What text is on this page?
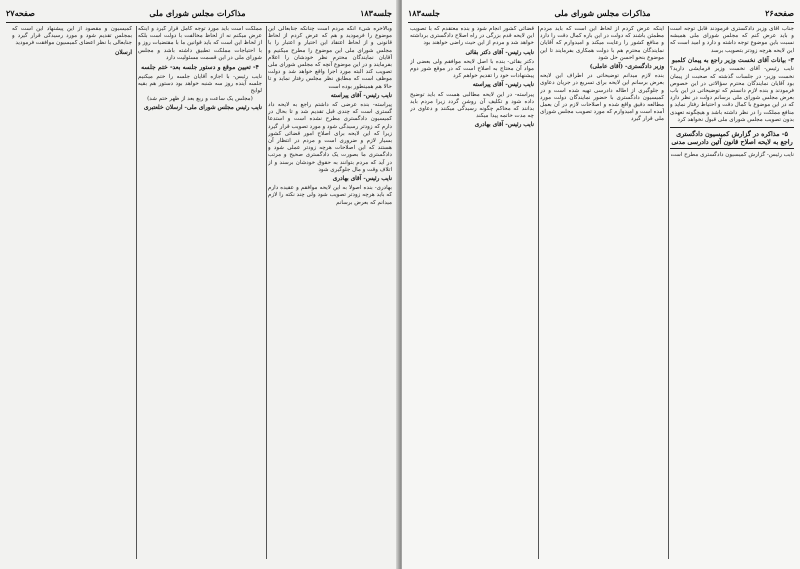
جلسه۱۸۳
مذاکرات مجلس شورای ملی
صفحه۲۷

وبالاخره شیء آنکه مردم است چنانکه جنابعالی این موضوع را فرمودید و هم که عرض کردم از لحاظ قانونی و از لحاظ اعتقاد این اختیار و اعتبار را با مجلس شورای ملی این موضوع را مطرح میکنیم و آقایان نمایندگان محترم نظر خودشان را اعلام بفرمایند و در این موضوع آنچه که مجلس شورای ملی تصویب کند البته مورد اجرا واقع خواهد شد و دولت موظف است که مطابق نظر مجلس رفتار نماید و تا حالا هم همینطور بوده است

نایب رئیس- آقای پیراسته

پیراسته- بنده عرضی که داشتم راجع به لایحه داد گستری است که چندی قبل تقدیم شد و تا بحال در کمیسیون دادگستری مطرح نشده است و استدعا دارم که زودتر رسیدگی شود و مورد تصویب قرار گیرد زیرا که این لایحه برای اصلاح امور قضائی کشور بسیار لازم و ضروری است و مردم در انتظار آن هستند که این اصلاحات هرچه زودتر عملی شود و دادگستری ما بصورت یک دادگستری صحیح و مرتب در آید که مردم بتوانند به حقوق خودشان برسند و از اتلاف وقت و مال جلوگیری شود

نایب رئیس- آقای بهادری

بهادری- بنده اصولا به این لایحه موافقم و عقیده دارم که باید هرچه زودتر تصویب شود ولی چند نکته را لازم میدانم که بعرض برسانم

مملکت است باید مورد توجه کامل قرار گیرد و اینکه عرض میکنم نه از لحاظ مخالفت با دولت است بلکه از لحاظ این است که باید قوانین ما با مقتضیات روز و با احتیاجات مملکت تطبیق داشته باشد و مجلس شورای ملی در این قسمت مسئولیت دارد

۴- تعیین موقع و دستور جلسه بعد- ختم جلسه

نایب رئیس- با اجازه آقایان جلسه را ختم میکنیم جلسه آینده روز سه شنبه خواهد بود دستور هم بقیه لوایح

(مجلس یک ساعت و ربع بعد از ظهر ختم شد)

نایب رئیس مجلس شورای ملی- ارسلان خلعتبری

کمیسیون و مقصود از این پیشنهاد این است که بمجلس تقدیم شود و مورد رسیدگی قرار گیرد و جنابعالی با نظر اعضای کمیسیون موافقت فرمودید

ارسلان

صفحه۲۶
مذاکرات مجلس شورای ملی
جلسه۱۸۳

جناب آقای وزیر دادگستری فرمودند قابل توجه است و باید عرض کنم که مجلس شورای ملی همیشه نسبت باین موضوع توجه داشته و دارد و امید است که این لایحه هرچه زودتر بتصویب برسد

۳- بیانات آقای نخست وزیر راجع به پیمان کلمبو

نایب رئیس- آقای نخست وزیر فرمایشی دارید؟ نخست وزیر- در جلسات گذشته که صحبت از پیمان بود آقایان نمایندگان محترم سؤالاتی در این خصوص فرمودند و بنده لازم دانستم که توضیحاتی در این باب بعرض مجلس شورای ملی برسانم دولت در نظر دارد که در این موضوع با کمال دقت و احتیاط رفتار نماید و منافع مملکت را در نظر داشته باشد و هیچگونه تعهدی بدون تصویب مجلس شورای ملی قبول نخواهد کرد

۵- مذاکره در گزارش کمیسیون دادگستری راجع به لایحه اصلاح قانون آئین دادرسی مدنی

نایب رئیس- گزارش کمیسیون دادگستری مطرح است

اینکه عرض کردم از لحاظ این است که باید مردم مطمئن باشند که دولت در این باره کمال دقت را دارد و منافع کشور را رعایت میکند و امیدوارم که آقایان نمایندگان محترم هم با دولت همکاری بفرمایند تا این موضوع بنحو احسن حل شود

وزیر دادگستری- (آقای عاملی)

بنده لازم میدانم توضیحاتی در اطراف این لایحه بعرض برسانم این لایحه برای تسریع در جریان دعاوی و جلوگیری از اطاله دادرسی تهیه شده است و در کمیسیون دادگستری با حضور نمایندگان دولت مورد مطالعه دقیق واقع شده و اصلاحات لازم در آن بعمل آمده است و امیدوارم که مورد تصویب مجلس شورای ملی قرار گیرد

قضائی کشور انجام شود و بنده معتقدم که با تصویب این لایحه قدم بزرگی در راه اصلاح دادگستری برداشته خواهد شد و مردم از این حیث راضی خواهند بود

نایب رئیس- آقای دکتر بقائی

دکتر بقائی- بنده با اصل لایحه موافقم ولی بعضی از مواد آن محتاج به اصلاح است که در موقع شور دوم پیشنهادات خود را تقدیم خواهم کرد

نایب رئیس- آقای پیراسته

پیراسته- در این لایحه مطالبی هست که باید توضیح داده شود و تکلیف آن روشن گردد زیرا مردم باید بدانند که محاکم چگونه رسیدگی میکنند و دعاوی در چه مدت خاتمه پیدا میکند

نایب رئیس- آقای بهادری
